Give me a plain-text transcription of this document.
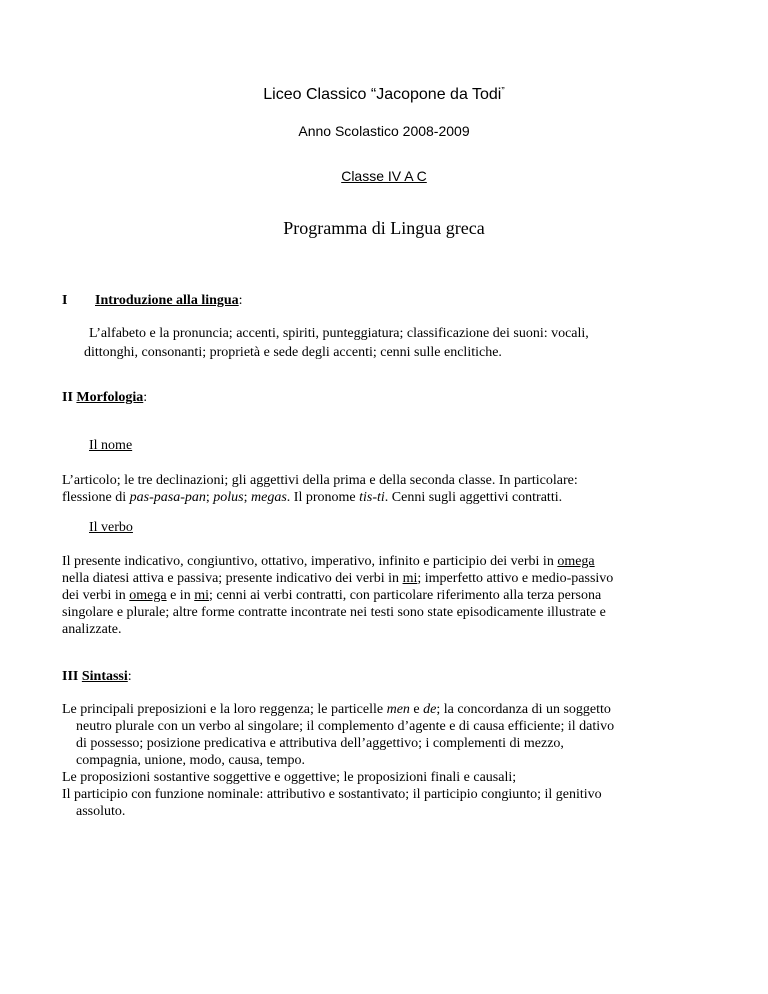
Liceo Classico “Jacopone da Todi”
Anno Scolastico 2008-2009
Classe IV A C
Programma di Lingua greca
I Introduzione alla lingua:
L’alfabeto e la pronuncia; accenti, spiriti, punteggiatura; classificazione dei suoni: vocali,
dittonghi, consonanti; proprietà e sede degli accenti; cenni sulle enclitiche.
II Morfologia:
Il nome
L’articolo; le tre declinazioni; gli aggettivi della prima e della seconda classe. In particolare:
flessione di pas-pasa-pan; polus; megas. Il pronome tis-ti. Cenni sugli aggettivi contratti.
Il verbo
Il presente indicativo, congiuntivo, ottativo, imperativo, infinito e participio dei verbi in omega
nella diatesi attiva e passiva; presente indicativo dei verbi in mi; imperfetto attivo e medio-passivo
dei verbi in omega e in mi; cenni ai verbi contratti, con particolare riferimento alla terza persona
singolare e plurale; altre forme contratte incontrate nei testi sono state episodicamente illustrate e
analizzate.
III Sintassi:
Le principali preposizioni e la loro reggenza; le particelle men e de; la concordanza di un soggetto
neutro plurale con un verbo al singolare; il complemento d’agente e di causa efficiente; il dativo
di possesso; posizione predicativa e attributiva dell’aggettivo; i complementi di mezzo,
compagnia, unione, modo, causa, tempo.
Le proposizioni sostantive soggettive e oggettive; le proposizioni finali e causali;
Il participio con funzione nominale: attributivo e sostantivato; il participio congiunto; il genitivo
assoluto.
